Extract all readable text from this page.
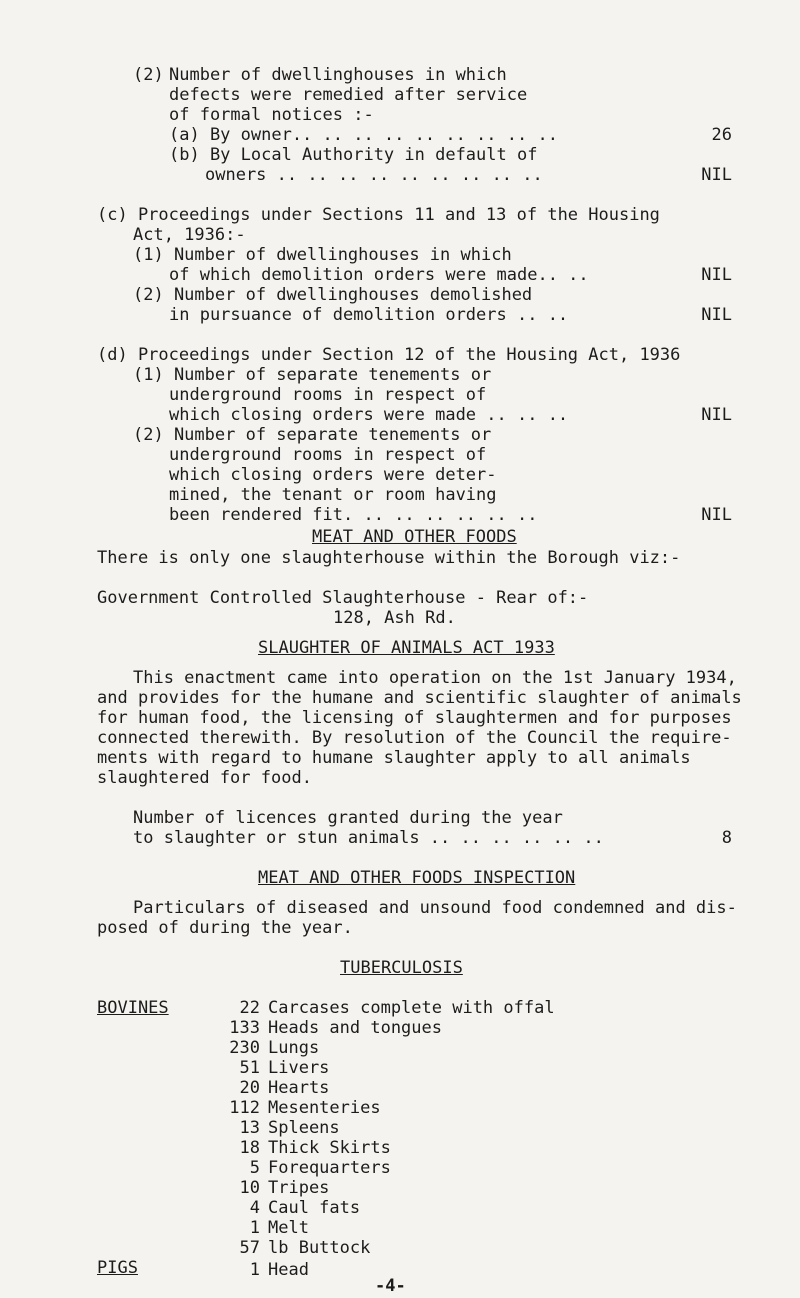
(2) Number of dwellinghouses in which
defects were remedied after service
of formal notices :-
(a) By owner.. .. .. .. .. .. .. .. ..	26
(b) By Local Authority in default of
owners .. .. .. .. .. .. .. .. ..	NIL
(c) Proceedings under Sections 11 and 13 of the Housing
Act, 1936:-
(1) Number of dwellinghouses in which
of which demolition orders were made.. ..	NIL
(2) Number of dwellinghouses demolished
in pursuance of demolition orders .. ..	NIL
(d) Proceedings under Section 12 of the Housing Act, 1936
(1) Number of separate tenements or
underground rooms in respect of
which closing orders were made .. .. ..	NIL
(2) Number of separate tenements or
underground rooms in respect of
which closing orders were deter-
mined, the tenant or room having
been rendered fit. .. .. .. .. .. ..	NIL
MEAT AND OTHER FOODS
There is only one slaughterhouse within the Borough viz:-
Government Controlled Slaughterhouse - Rear of:-
128, Ash Rd.
SLAUGHTER OF ANIMALS ACT 1933
This enactment came into operation on the 1st January 1934,
and provides for the humane and scientific slaughter of animals
for human food, the licensing of slaughtermen and for purposes
connected therewith. By resolution of the Council the require-
ments with regard to humane slaughter apply to all animals
slaughtered for food.
Number of licences granted during the year
to slaughter or stun animals .. .. .. .. .. ..	8
MEAT AND OTHER FOODS INSPECTION
Particulars of diseased and unsound food condemned and dis-
posed of during the year.
TUBERCULOSIS
BOVINES	22 Carcases complete with offal
133 Heads and tongues
230 Lungs
51 Livers
20 Hearts
112 Mesenteries
13 Spleens
18 Thick Skirts
5 Forequarters
10 Tripes
4 Caul fats
1 Melt
57 lb Buttock
PIGS	1 Head
-4-
